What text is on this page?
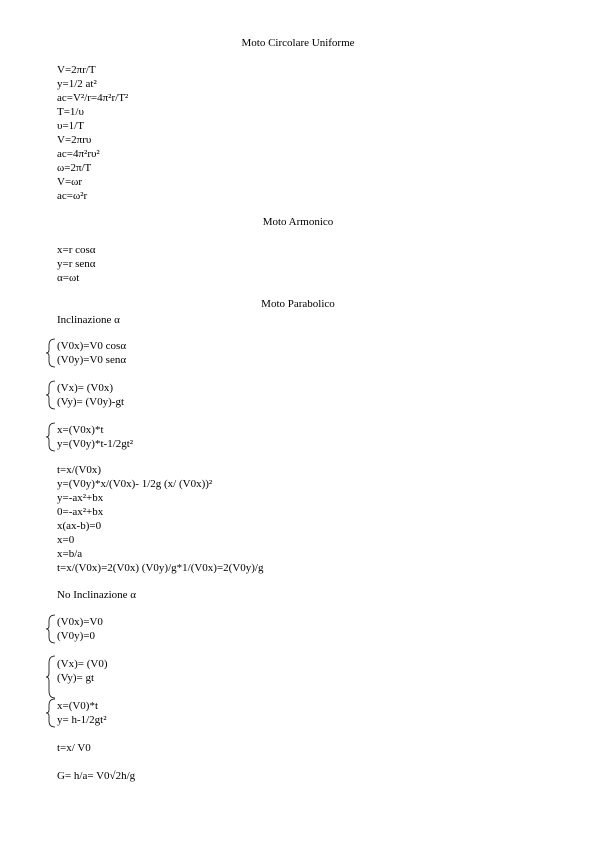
Moto Circolare Uniforme
V=2πr/T
y=1/2 at²
ac=V²/r=4π²r/T²
T=1/υ
υ=1/T
V=2πrυ
ac=4π²rυ²
ω=2π/T
V=ωr
ac=ω²r
Moto Armonico
x=r cosα
y=r senα
α=ωt
Moto Parabolico
Inclinazione α
(V0x)=V0 cosα
(V0y)=V0 senα
(Vx)= (V0x)
(Vy)= (V0y)-gt
x=(V0x)*t
y=(V0y)*t-1/2gt²
t=x/(V0x)
y=(V0y)*x/(V0x)- 1/2g (x/ (V0x))²
y=-ax²+bx
0=-ax²+bx
x(ax-b)=0
x=0
x=b/a
t=x/(V0x)=2(V0x) (V0y)/g*1/(V0x)=2(V0y)/g
No Inclinazione α
(V0x)=V0
(V0y)=0
(Vx)= (V0)
(Vy)= gt
x=(V0)*t
y= h-1/2gt²
t=x/ V0
G= h/a= V0√2h/g
